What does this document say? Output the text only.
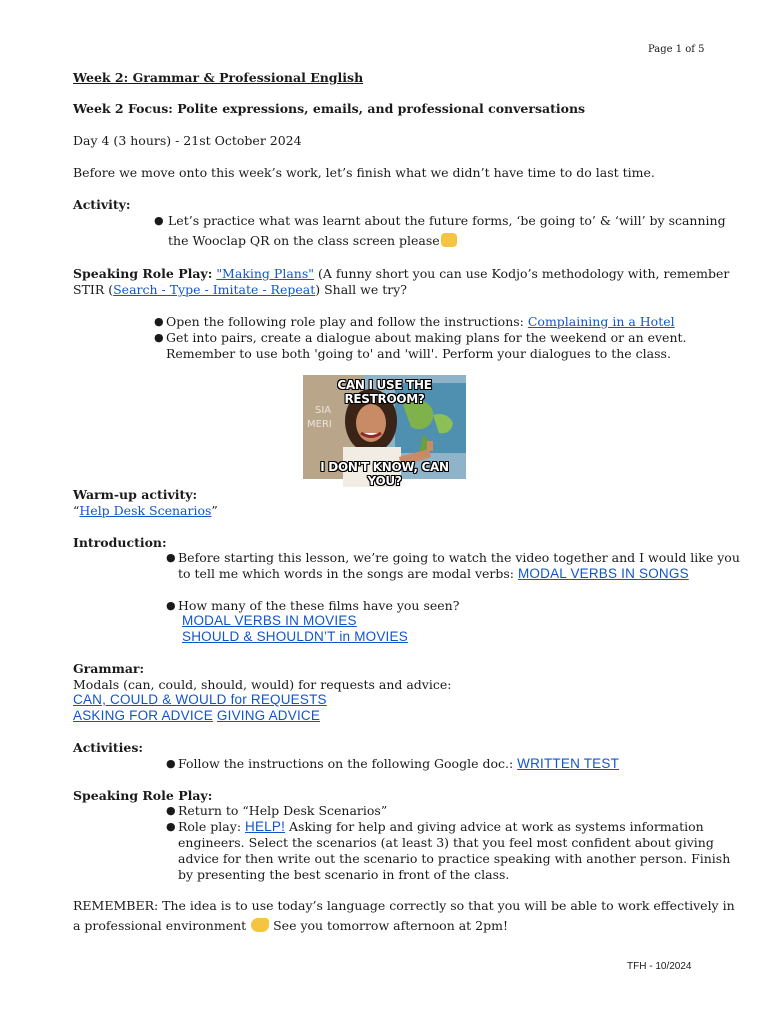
Page 1 of 5
Week 2: Grammar & Professional English
Week 2 Focus: Polite expressions, emails, and professional conversations
Day 4 (3 hours) - 21st October 2024
Before we move onto this week’s work, let’s finish what we didn’t have time to do last time.
Activity:
● Let’s practice what was learnt about the future forms, ‘be going to’ & ‘will’ by scanning
the Wooclap QR on the class screen please
Speaking Role Play: "Making Plans" (A funny short you can use Kodjo’s methodology with, remember
STIR (Search - Type - Imitate - Repeat) Shall we try?
● Open the following role play and follow the instructions: Complaining in a Hotel
● Get into pairs, create a dialogue about making plans for the weekend or an event.
Remember to use both 'going to' and 'will'. Perform your dialogues to the class.
CAN I USE THE RESTROOM?
SIA
MERI
I DON'T KNOW, CAN YOU?
Warm-up activity:
“Help Desk Scenarios”
Introduction:
● Before starting this lesson, we’re going to watch the video together and I would like you
to tell me which words in the songs are modal verbs: MODAL VERBS IN SONGS
● How many of the these films have you seen?
MODAL VERBS IN MOVIES
SHOULD & SHOULDN’T in MOVIES
Grammar:
Modals (can, could, should, would) for requests and advice:
CAN, COULD & WOULD for REQUESTS
ASKING FOR ADVICE GIVING ADVICE
Activities:
● Follow the instructions on the following Google doc.: WRITTEN TEST
Speaking Role Play:
● Return to “Help Desk Scenarios”
● Role play: HELP! Asking for help and giving advice at work as systems information
engineers. Select the scenarios (at least 3) that you feel most confident about giving
advice for then write out the scenario to practice speaking with another person. Finish
by presenting the best scenario in front of the class.
REMEMBER: The idea is to use today’s language correctly so that you will be able to work effectively in
a professional environment  See you tomorrow afternoon at 2pm!
TFH - 10/2024
